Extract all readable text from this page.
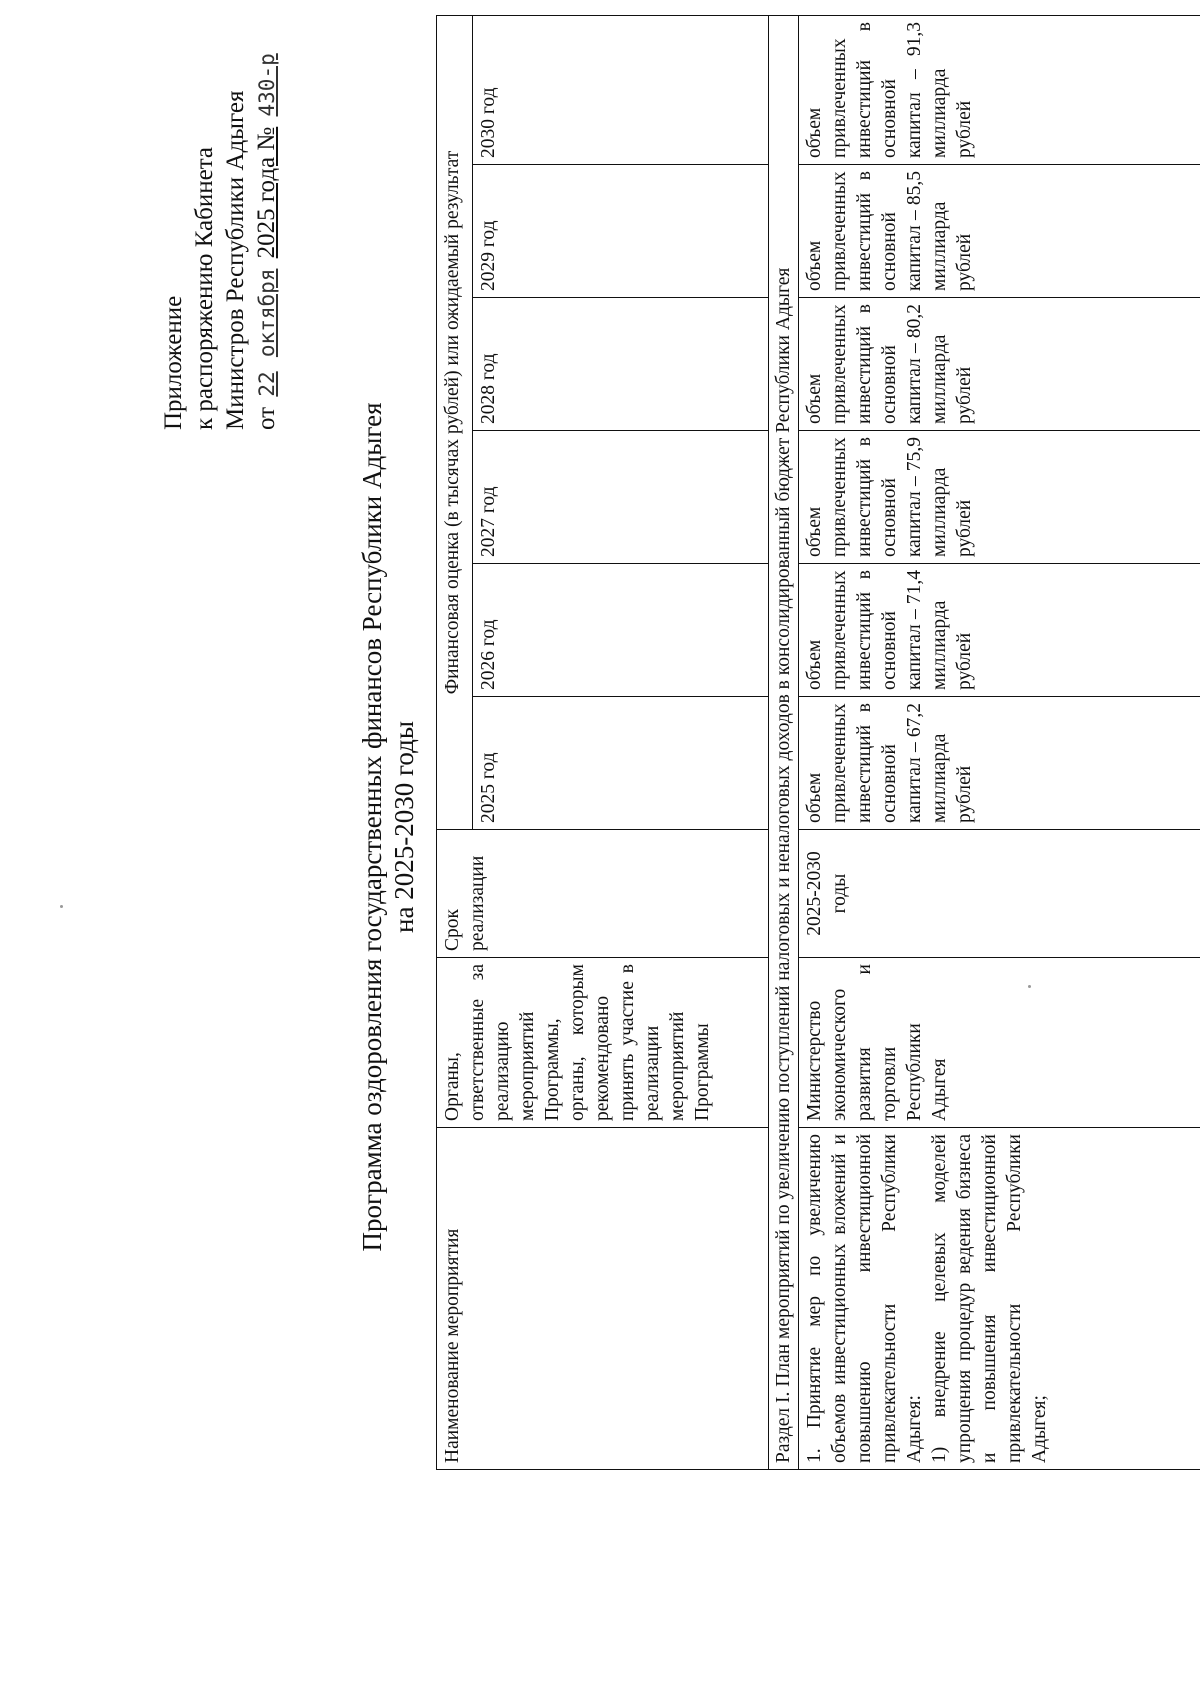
Приложение к распоряжению Кабинета Министров Республики Адыгея от 22 октября 2025 года № 430-р
Программа оздоровления государственных финансов Республики Адыгея на 2025-2030 годы
Наименование мероприятия	Органы, ответственные за реализацию мероприятий Программы, органы, которым рекомендовано принять участие в реализации мероприятий Программы	Срок реализации	Финансовая оценка (в тысячах рублей) или ожидаемый результат					
			2025 год	2026 год	2027 год	2028 год	2029 год	2030 год
Раздел I. План мероприятий по увеличению поступлений налоговых и неналоговых доходов в консолидированный бюджет Республики Адыгея								

1. Принятие мер по увеличению объемов инвестиционных вложений и повышению инвестиционной привлекательности Республики Адыгея: 1) внедрение целевых моделей упрощения процедур ведения бизнеса и повышения инвестиционной привлекательности Республики Адыгея;	Министерство экономического развития и торговли Республики Адыгея	2025-2030 годы	объем привлеченных инвестиций в основной капитал – 67,2 миллиарда рублей	объем привлеченных инвестиций в основной капитал – 71,4 миллиарда рублей	объем привлеченных инвестиций в основной капитал – 75,9 миллиарда рублей	объем привлеченных инвестиций в основной капитал – 80,2 миллиарда рублей	объем привлеченных инвестиций в основной капитал – 85,5 миллиарда рублей	объем привлеченных инвестиций в основной капитал – 91,3 миллиарда рублей
